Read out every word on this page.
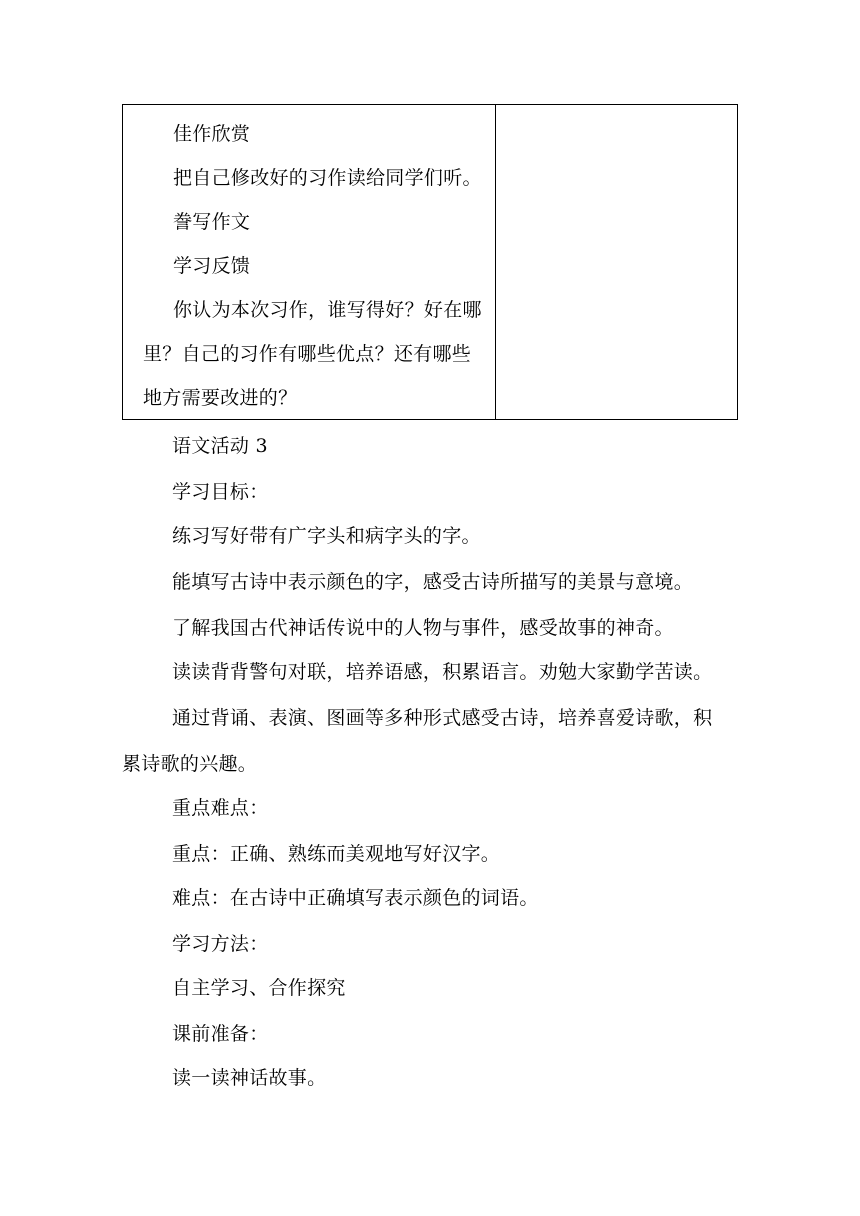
佳作欣赏
把自己修改好的习作读给同学们听。
誊写作文
学习反馈
你认为本次习作，谁写得好？好在哪
里？自己的习作有哪些优点？还有哪些
地方需要改进的？
语文活动 3
学习目标：
练习写好带有广字头和病字头的字。
能填写古诗中表示颜色的字，感受古诗所描写的美景与意境。
了解我国古代神话传说中的人物与事件，感受故事的神奇。
读读背背警句对联，培养语感，积累语言。劝勉大家勤学苦读。
通过背诵、表演、图画等多种形式感受古诗，培养喜爱诗歌，积
累诗歌的兴趣。
重点难点：
重点：正确、熟练而美观地写好汉字。
难点：在古诗中正确填写表示颜色的词语。
学习方法：
自主学习、合作探究
课前准备：
读一读神话故事。
